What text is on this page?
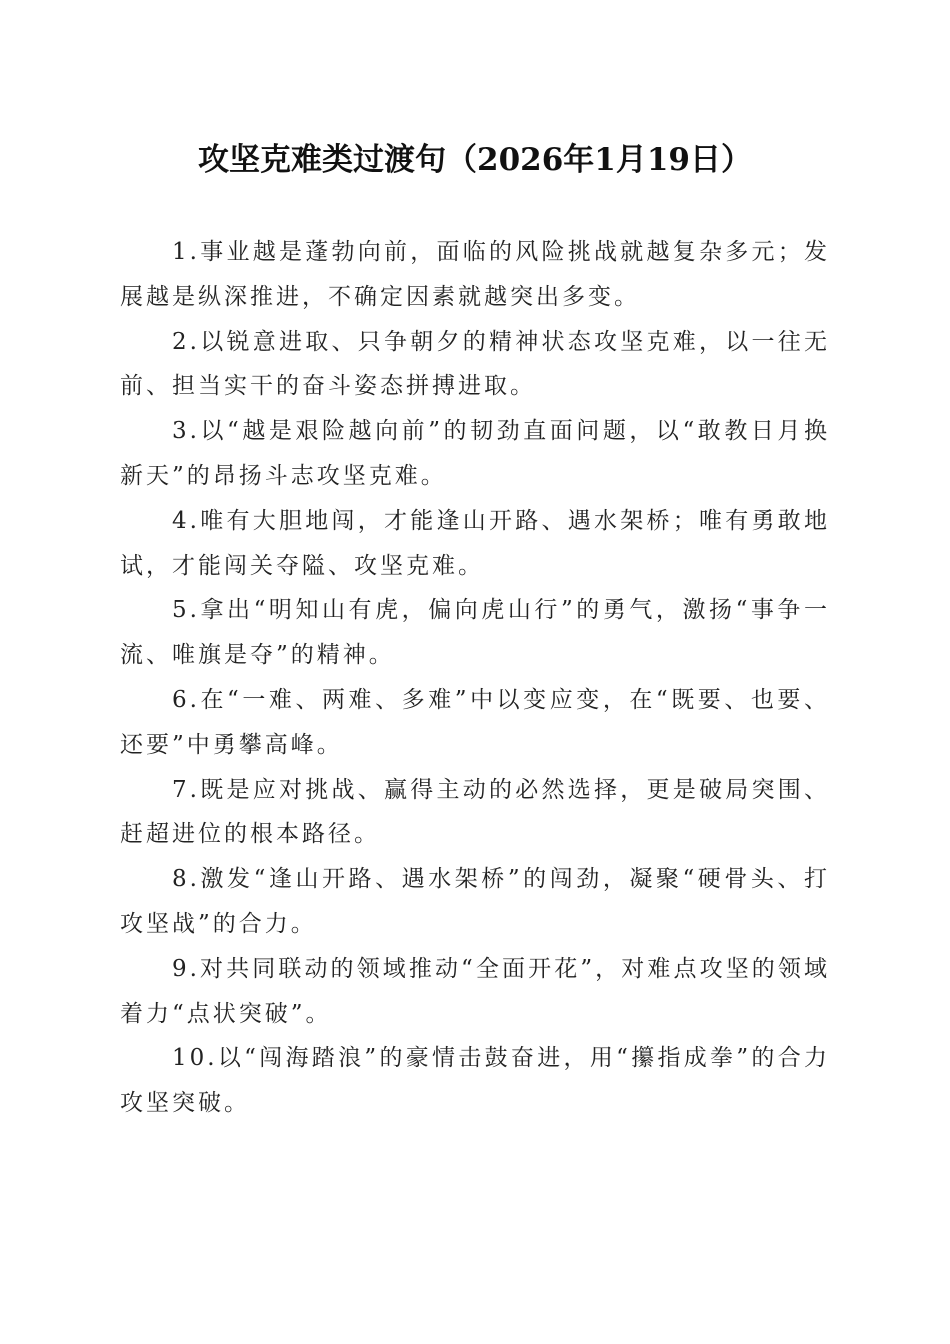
攻坚克难类过渡句（2026年1月19日）

1.事业越是蓬勃向前，面临的风险挑战就越复杂多元；发展越是纵深推进，不确定因素就越突出多变。

2.以锐意进取、只争朝夕的精神状态攻坚克难，以一往无前、担当实干的奋斗姿态拼搏进取。

3.以“越是艰险越向前”的韧劲直面问题，以“敢教日月换新天”的昂扬斗志攻坚克难。

4.唯有大胆地闯，才能逢山开路、遇水架桥；唯有勇敢地试，才能闯关夺隘、攻坚克难。

5.拿出“明知山有虎，偏向虎山行”的勇气，激扬“事争一流、唯旗是夺”的精神。

6.在“一难、两难、多难”中以变应变，在“既要、也要、还要”中勇攀高峰。

7.既是应对挑战、赢得主动的必然选择，更是破局突围、赶超进位的根本路径。

8.激发“逢山开路、遇水架桥”的闯劲，凝聚“硬骨头、打攻坚战”的合力。

9.对共同联动的领域推动“全面开花”，对难点攻坚的领域着力“点状突破”。

10.以“闯海踏浪”的豪情击鼓奋进，用“攥指成拳”的合力攻坚突破。
